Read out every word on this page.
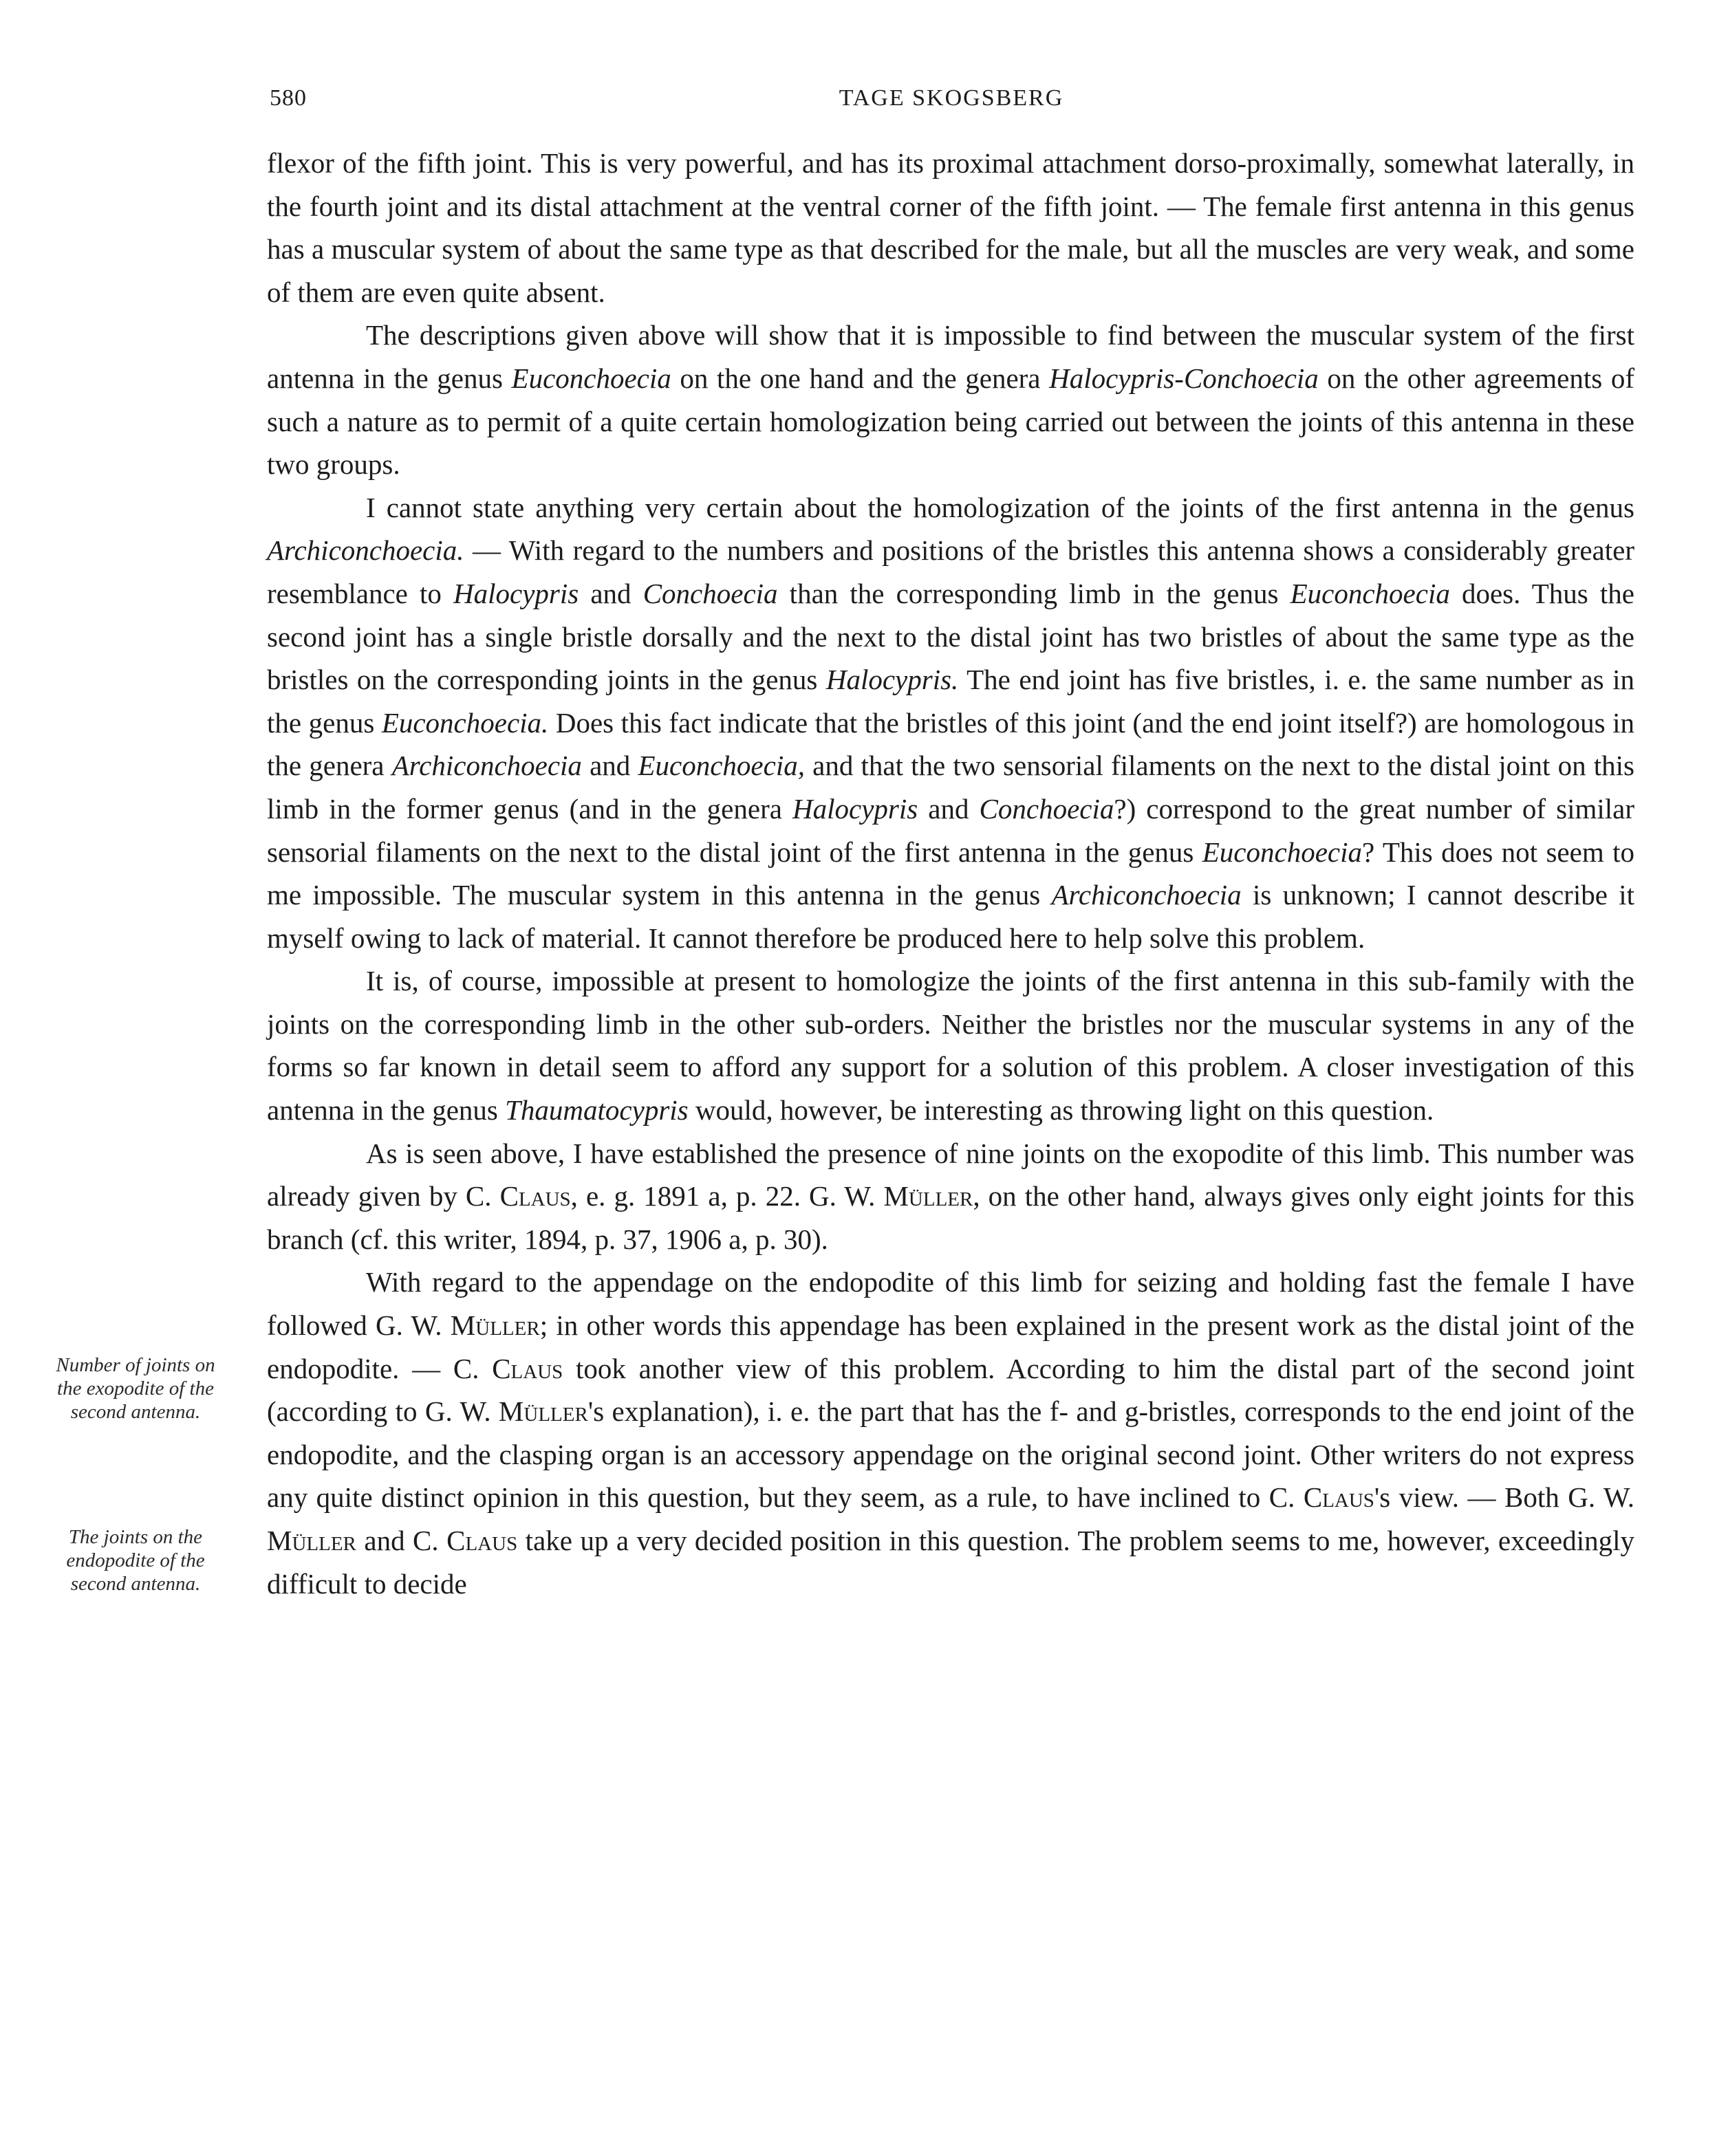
580	TAGE SKOGSBERG

flexor of the fifth joint. This is very powerful, and has its proximal attachment dorso-proximally, somewhat laterally, in the fourth joint and its distal attachment at the ventral corner of the fifth joint. — The female first antenna in this genus has a muscular system of about the same type as that described for the male, but all the muscles are very weak, and some of them are even quite absent.

The descriptions given above will show that it is impossible to find between the muscular system of the first antenna in the genus Euconchoecia on the one hand and the genera Halocypris-Conchoecia on the other agreements of such a nature as to permit of a quite certain homologization being carried out between the joints of this antenna in these two groups.

I cannot state anything very certain about the homologization of the joints of the first antenna in the genus Archiconchoecia. — With regard to the numbers and positions of the bristles this antenna shows a considerably greater resemblance to Halocypris and Conchoecia than the corresponding limb in the genus Euconchoecia does. Thus the second joint has a single bristle dorsally and the next to the distal joint has two bristles of about the same type as the bristles on the corresponding joints in the genus Halocypris. The end joint has five bristles, i. e. the same number as in the genus Euconchoecia. Does this fact indicate that the bristles of this joint (and the end joint itself?) are homologous in the genera Archiconchoecia and Euconchoecia, and that the two sensorial filaments on the next to the distal joint on this limb in the former genus (and in the genera Halocypris and Conchoecia?) correspond to the great number of similar sensorial filaments on the next to the distal joint of the first antenna in the genus Euconchoecia? This does not seem to me impossible. The muscular system in this antenna in the genus Archiconchoecia is unknown; I cannot describe it myself owing to lack of material. It cannot therefore be produced here to help solve this problem.

It is, of course, impossible at present to homologize the joints of the first antenna in this sub-family with the joints on the corresponding limb in the other sub-orders. Neither the bristles nor the muscular systems in any of the forms so far known in detail seem to afford any support for a solution of this problem. A closer investigation of this antenna in the genus Thaumatocypris would, however, be interesting as throwing light on this question.

As is seen above, I have established the presence of nine joints on the exopodite of this limb. This number was already given by C. Claus, e. g. 1891 a, p. 22. G. W. Müller, on the other hand, always gives only eight joints for this branch (cf. this writer, 1894, p. 37, 1906 a, p. 30).

With regard to the appendage on the endopodite of this limb for seizing and holding fast the female I have followed G. W. Müller; in other words this appendage has been explained in the present work as the distal joint of the endopodite. — C. Claus took another view of this problem. According to him the distal part of the second joint (according to G. W. Müller's explanation), i. e. the part that has the f- and g-bristles, corresponds to the end joint of the endopodite, and the clasping organ is an accessory appendage on the original second joint. Other writers do not express any quite distinct opinion in this question, but they seem, as a rule, to have inclined to C. Claus's view. — Both G. W. Müller and C. Claus take up a very decided position in this question. The problem seems to me, however, exceedingly difficult to decide

Number of joints on
the exopodite of the
second antenna.
The joints on the
endopodite of the
second antenna.
